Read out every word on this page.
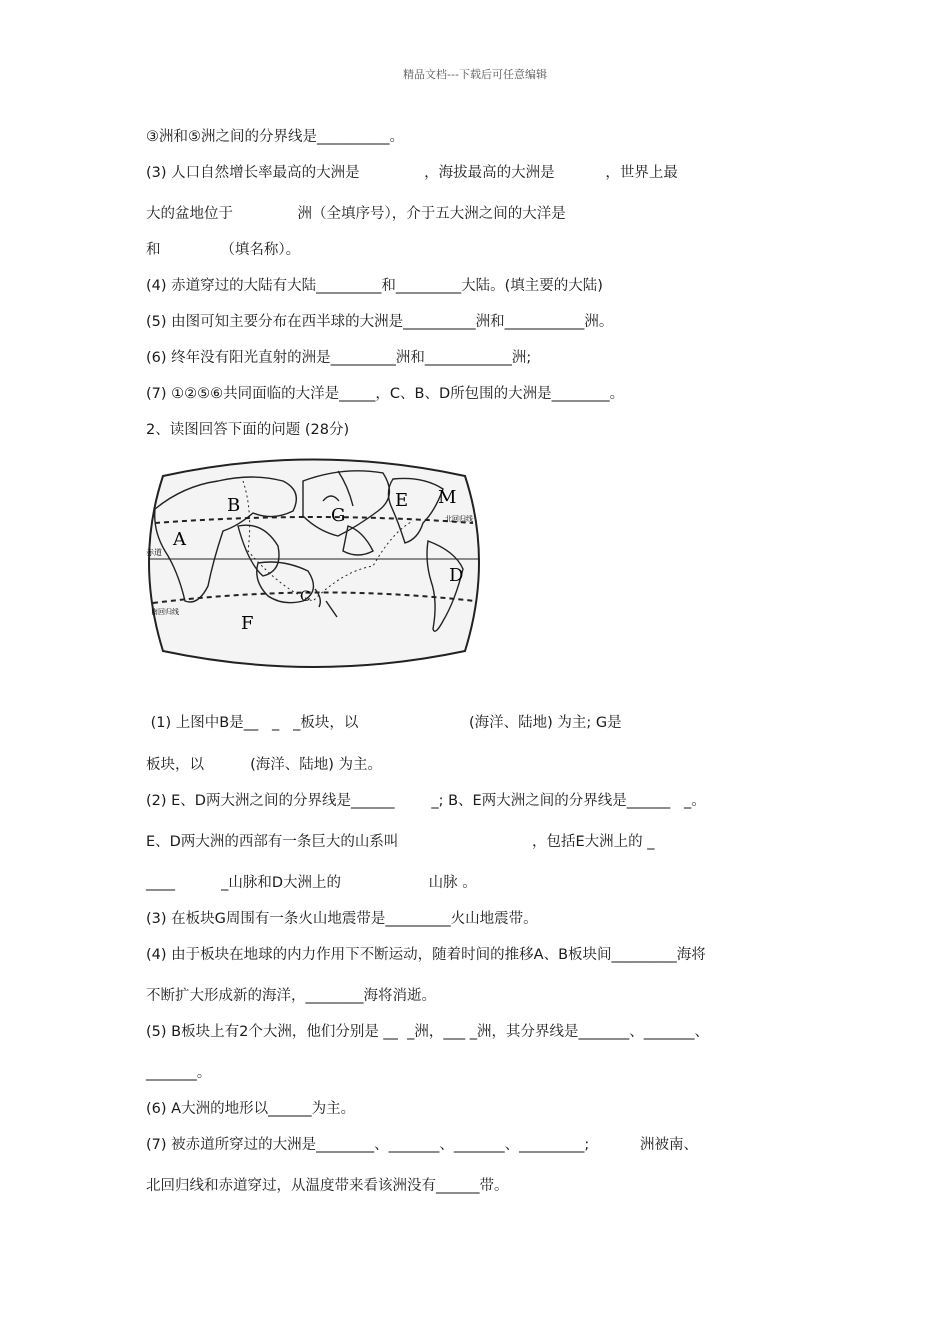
精品文档---下载后可任意编辑
③洲和⑤洲之间的分界线是__________。
(3) 人口自然增长率最高的大洲是              ，海拔最高的大洲是           ，世界上最
大的盆地位于              洲（全填序号），介于五大洲之间的大洋是
和             （填名称）。
(4) 赤道穿过的大陆有大陆_________和_________大陆。(填主要的大陆)
(5) 由图可知主要分布在西半球的大洲是__________洲和___________洲。
(6) 终年没有阳光直射的洲是_________洲和____________洲;
(7) ①②⑤⑥共同面临的大洋是_____，C、B、D所包围的大洲是________。
2、读图回答下面的问题 (28分)
B
A
G
E M
D
C
F
赤道
北回归线
南回归线
(1) 上图中B是__   _   _板块，以                        (海洋、陆地) 为主; G是
板块，以          (海洋、陆地) 为主。
(2) E、D两大洲之间的分界线是______        _; B、E两大洲之间的分界线是______   _。
E、D两大洲的西部有一条巨大的山系叫                             ，包括E大洲上的 _
____          _山脉和D大洲上的                   山脉 。
(3) 在板块G周围有一条火山地震带是_________火山地震带。
(4) 由于板块在地球的内力作用下不断运动，随着时间的推移A、B板块间_________海将
不断扩大形成新的海洋，________海将消逝。
(5) B板块上有2个大洲，他们分别是 __  _洲，___ _洲，其分界线是_______、_______、
_______。
(6) A大洲的地形以______为主。
(7) 被赤道所穿过的大洲是________、_______、_______、_________;           洲被南、
北回归线和赤道穿过，从温度带来看该洲没有______带。
